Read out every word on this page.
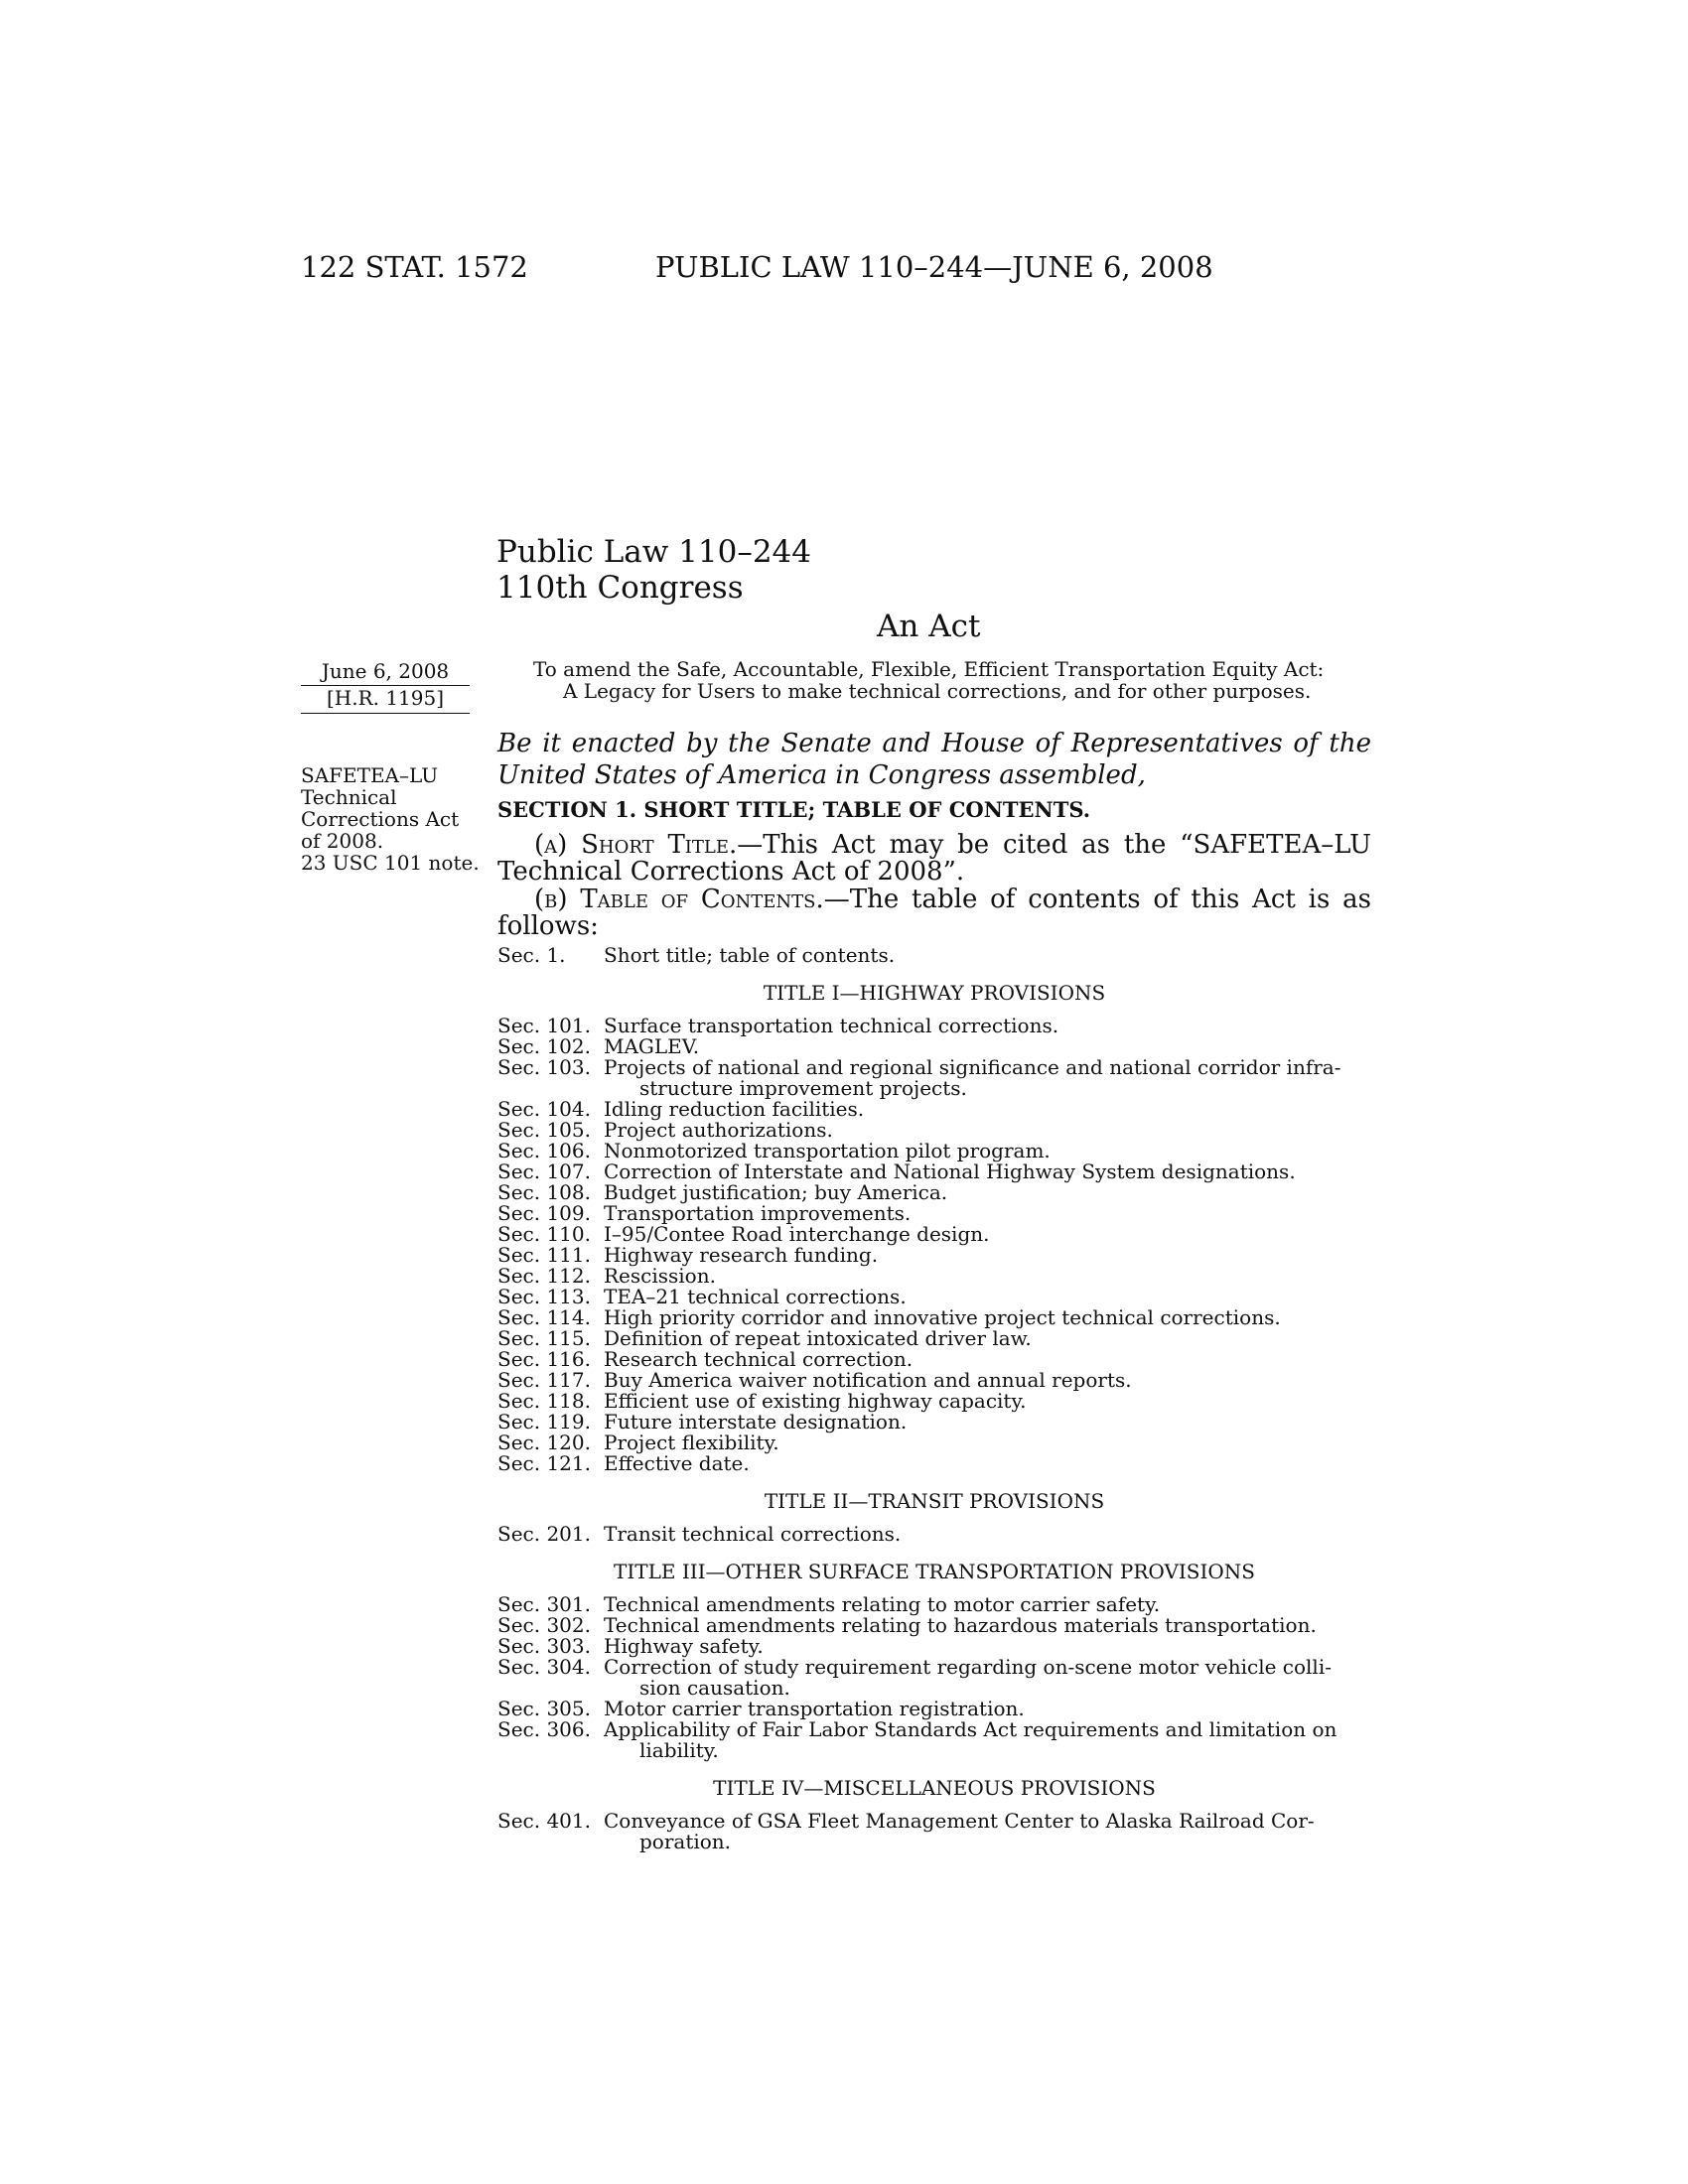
122 STAT. 1572	PUBLIC LAW 110–244—JUNE 6, 2008
Public Law 110–244
110th Congress
An Act
June 6, 2008
[H.R. 1195]
SAFETEA–LU
Technical
Corrections Act
of 2008.
23 USC 101 note.
To amend the Safe, Accountable, Flexible, Efficient Transportation Equity Act:
A Legacy for Users to make technical corrections, and for other purposes.
Be it enacted by the Senate and House of Representatives of the United States of America in Congress assembled,
SECTION 1. SHORT TITLE; TABLE OF CONTENTS.
(a) Short Title.—This Act may be cited as the “SAFETEA–LU Technical Corrections Act of 2008”.
(b) Table of Contents.—The table of contents of this Act is as follows:
Sec. 1. Short title; table of contents.
TITLE I—HIGHWAY PROVISIONS
Sec. 101. Surface transportation technical corrections.
Sec. 102. MAGLEV.
Sec. 103. Projects of national and regional significance and national corridor infra-
structure improvement projects.
Sec. 104. Idling reduction facilities.
Sec. 105. Project authorizations.
Sec. 106. Nonmotorized transportation pilot program.
Sec. 107. Correction of Interstate and National Highway System designations.
Sec. 108. Budget justification; buy America.
Sec. 109. Transportation improvements.
Sec. 110. I–95/Contee Road interchange design.
Sec. 111. Highway research funding.
Sec. 112. Rescission.
Sec. 113. TEA–21 technical corrections.
Sec. 114. High priority corridor and innovative project technical corrections.
Sec. 115. Definition of repeat intoxicated driver law.
Sec. 116. Research technical correction.
Sec. 117. Buy America waiver notification and annual reports.
Sec. 118. Efficient use of existing highway capacity.
Sec. 119. Future interstate designation.
Sec. 120. Project flexibility.
Sec. 121. Effective date.
TITLE II—TRANSIT PROVISIONS
Sec. 201. Transit technical corrections.
TITLE III—OTHER SURFACE TRANSPORTATION PROVISIONS
Sec. 301. Technical amendments relating to motor carrier safety.
Sec. 302. Technical amendments relating to hazardous materials transportation.
Sec. 303. Highway safety.
Sec. 304. Correction of study requirement regarding on-scene motor vehicle colli-
sion causation.
Sec. 305. Motor carrier transportation registration.
Sec. 306. Applicability of Fair Labor Standards Act requirements and limitation on
liability.
TITLE IV—MISCELLANEOUS PROVISIONS
Sec. 401. Conveyance of GSA Fleet Management Center to Alaska Railroad Cor-
poration.
